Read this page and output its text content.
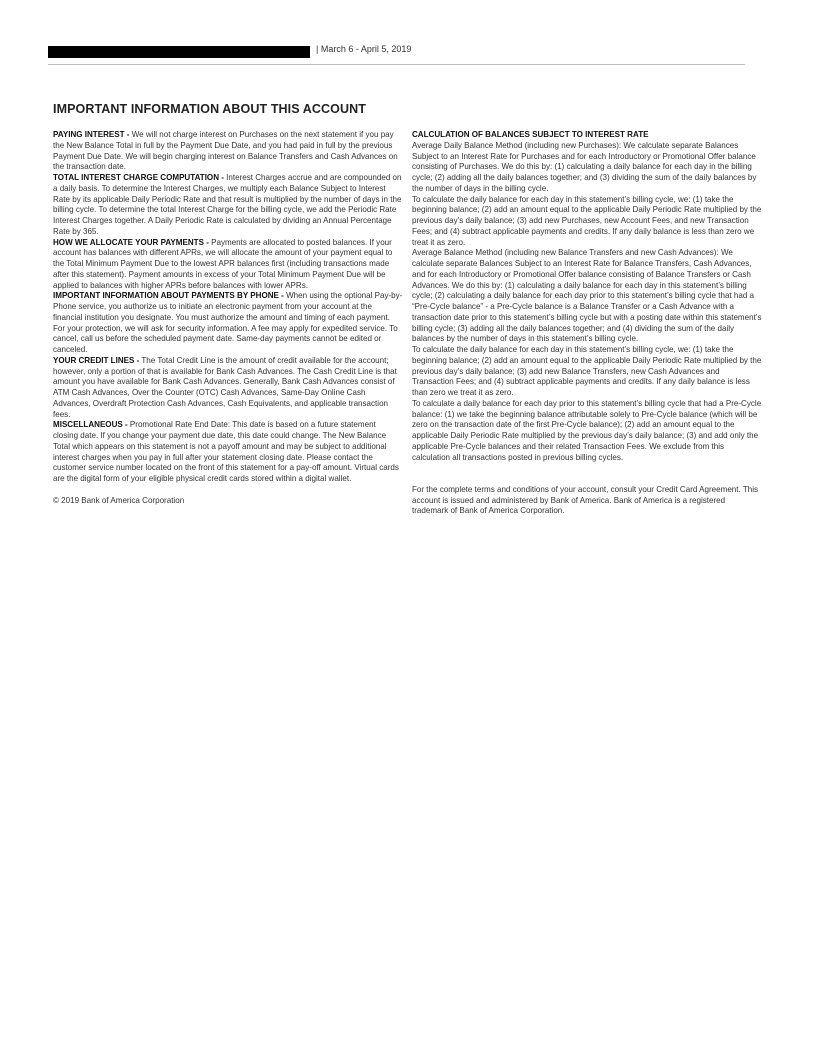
| March 6 - April 5, 2019
IMPORTANT INFORMATION ABOUT THIS ACCOUNT

PAYING INTEREST - We will not charge interest on Purchases on the next statement if you pay the New Balance Total in full by the Payment Due Date, and you had paid in full by the previous Payment Due Date. We will begin charging interest on Balance Transfers and Cash Advances on the transaction date.

TOTAL INTEREST CHARGE COMPUTATION - Interest Charges accrue and are compounded on a daily basis. To determine the Interest Charges, we multiply each Balance Subject to Interest Rate by its applicable Daily Periodic Rate and that result is multiplied by the number of days in the billing cycle. To determine the total Interest Charge for the billing cycle, we add the Periodic Rate Interest Charges together. A Daily Periodic Rate is calculated by dividing an Annual Percentage Rate by 365.

HOW WE ALLOCATE YOUR PAYMENTS - Payments are allocated to posted balances. If your account has balances with different APRs, we will allocate the amount of your payment equal to the Total Minimum Payment Due to the lowest APR balances first (including transactions made after this statement). Payment amounts in excess of your Total Minimum Payment Due will be applied to balances with higher APRs before balances with lower APRs.

IMPORTANT INFORMATION ABOUT PAYMENTS BY PHONE - When using the optional Pay-by-Phone service, you authorize us to initiate an electronic payment from your account at the financial institution you designate. You must authorize the amount and timing of each payment. For your protection, we will ask for security information. A fee may apply for expedited service. To cancel, call us before the scheduled payment date. Same-day payments cannot be edited or canceled.

YOUR CREDIT LINES - The Total Credit Line is the amount of credit available for the account; however, only a portion of that is available for Bank Cash Advances. The Cash Credit Line is that amount you have available for Bank Cash Advances. Generally, Bank Cash Advances consist of ATM Cash Advances, Over the Counter (OTC) Cash Advances, Same-Day Online Cash Advances, Overdraft Protection Cash Advances, Cash Equivalents, and applicable transaction fees.

MISCELLANEOUS - Promotional Rate End Date: This date is based on a future statement closing date. If you change your payment due date, this date could change. The New Balance Total which appears on this statement is not a payoff amount and may be subject to additional interest charges when you pay in full after your statement closing date. Please contact the customer service number located on the front of this statement for a pay-off amount. Virtual cards are the digital form of your eligible physical credit cards stored within a digital wallet.

© 2019 Bank of America Corporation

CALCULATION OF BALANCES SUBJECT TO INTEREST RATE

Average Daily Balance Method (including new Purchases): We calculate separate Balances Subject to an Interest Rate for Purchases and for each Introductory or Promotional Offer balance consisting of Purchases. We do this by: (1) calculating a daily balance for each day in the billing cycle; (2) adding all the daily balances together; and (3) dividing the sum of the daily balances by the number of days in the billing cycle.

To calculate the daily balance for each day in this statement’s billing cycle, we: (1) take the beginning balance; (2) add an amount equal to the applicable Daily Periodic Rate multiplied by the previous day’s daily balance; (3) add new Purchases, new Account Fees, and new Transaction Fees; and (4) subtract applicable payments and credits. If any daily balance is less than zero we treat it as zero.

Average Balance Method (including new Balance Transfers and new Cash Advances): We calculate separate Balances Subject to an Interest Rate for Balance Transfers, Cash Advances, and for each Introductory or Promotional Offer balance consisting of Balance Transfers or Cash Advances. We do this by: (1) calculating a daily balance for each day in this statement’s billing cycle; (2) calculating a daily balance for each day prior to this statement’s billing cycle that had a “Pre-Cycle balance” - a Pre-Cycle balance is a Balance Transfer or a Cash Advance with a transaction date prior to this statement’s billing cycle but with a posting date within this statement’s billing cycle; (3) adding all the daily balances together; and (4) dividing the sum of the daily balances by the number of days in this statement’s billing cycle.

To calculate the daily balance for each day in this statement’s billing cycle, we: (1) take the beginning balance; (2) add an amount equal to the applicable Daily Periodic Rate multiplied by the previous day’s daily balance; (3) add new Balance Transfers, new Cash Advances and Transaction Fees; and (4) subtract applicable payments and credits. If any daily balance is less than zero we treat it as zero.

To calculate a daily balance for each day prior to this statement’s billing cycle that had a Pre-Cycle balance: (1) we take the beginning balance attributable solely to Pre-Cycle balance (which will be zero on the transaction date of the first Pre-Cycle balance); (2) add an amount equal to the applicable Daily Periodic Rate multiplied by the previous day’s daily balance; (3) and add only the applicable Pre-Cycle balances and their related Transaction Fees. We exclude from this calculation all transactions posted in previous billing cycles.

For the complete terms and conditions of your account, consult your Credit Card Agreement. This account is issued and administered by Bank of America. Bank of America is a registered trademark of Bank of America Corporation.
